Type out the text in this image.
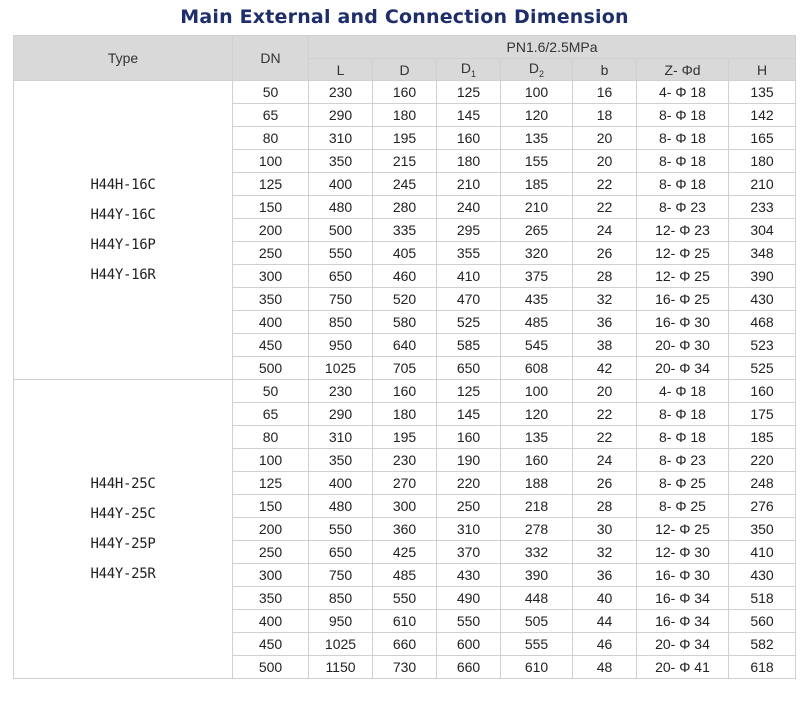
Main External and Connection Dimension
Type	DN	PN1.6/2.5MPa						
		L	D	$D_1$	$D_2$	b	Z- Φd	H

H44H-16C
H44Y-16C
H44Y-16P
H44Y-16R	50	230	160	125	100	16	4- Φ 18	135
	65	290	180	145	120	18	8- Φ 18	142
	80	310	195	160	135	20	8- Φ 18	165
	100	350	215	180	155	20	8- Φ 18	180
	125	400	245	210	185	22	8- Φ 18	210
	150	480	280	240	210	22	8- Φ 23	233
	200	500	335	295	265	24	12- Φ 23	304
	250	550	405	355	320	26	12- Φ 25	348
	300	650	460	410	375	28	12- Φ 25	390
	350	750	520	470	435	32	16- Φ 25	430
	400	850	580	525	485	36	16- Φ 30	468
	450	950	640	585	545	38	20- Φ 30	523
	500	1025	705	650	608	42	20- Φ 34	525

H44H-25C
H44Y-25C
H44Y-25P
H44Y-25R	50	230	160	125	100	20	4- Φ 18	160
	65	290	180	145	120	22	8- Φ 18	175
	80	310	195	160	135	22	8- Φ 18	185
	100	350	230	190	160	24	8- Φ 23	220
	125	400	270	220	188	26	8- Φ 25	248
	150	480	300	250	218	28	8- Φ 25	276
	200	550	360	310	278	30	12- Φ 25	350
	250	650	425	370	332	32	12- Φ 30	410
	300	750	485	430	390	36	16- Φ 30	430
	350	850	550	490	448	40	16- Φ 34	518
	400	950	610	550	505	44	16- Φ 34	560
	450	1025	660	600	555	46	20- Φ 34	582
	500	1150	730	660	610	48	20- Φ 41	618
